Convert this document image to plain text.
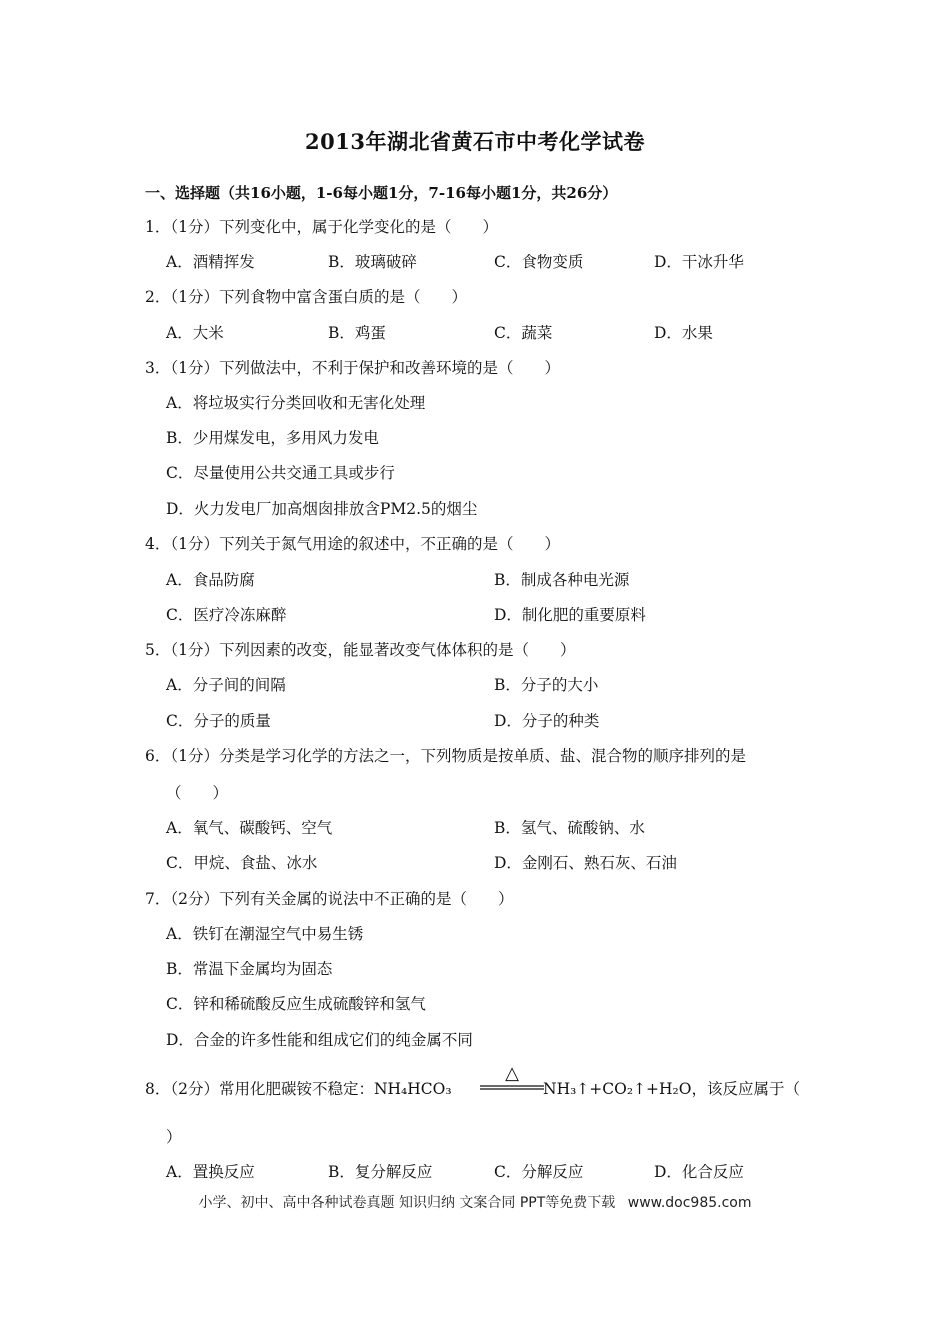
2013年湖北省黄石市中考化学试卷
一、选择题（共16小题，1-6每小题1分，7-16每小题1分，共26分）
1．（1分）下列变化中，属于化学变化的是（　　）
A．酒精挥发	B．玻璃破碎	C．食物变质	D．干冰升华
2．（1分）下列食物中富含蛋白质的是（　　）
A．大米	B．鸡蛋	C．蔬菜	D．水果
3．（1分）下列做法中，不利于保护和改善环境的是（　　）
A．将垃圾实行分类回收和无害化处理
B．少用煤发电，多用风力发电
C．尽量使用公共交通工具或步行
D．火力发电厂加高烟囱排放含PM2.5的烟尘
4．（1分）下列关于氮气用途的叙述中，不正确的是（　　）
A．食品防腐	B．制成各种电光源
C．医疗冷冻麻醉	D．制化肥的重要原料
5．（1分）下列因素的改变，能显著改变气体体积的是（　　）
A．分子间的间隔	B．分子的大小
C．分子的质量	D．分子的种类
6．（1分）分类是学习化学的方法之一，下列物质是按单质、盐、混合物的顺序排列的是
（　　）
A．氧气、碳酸钙、空气	B．氢气、硫酸钠、水
C．甲烷、食盐、冰水	D．金刚石、熟石灰、石油
7．（2分）下列有关金属的说法中不正确的是（　　）
A．铁钉在潮湿空气中易生锈
B．常温下金属均为固态
C．锌和稀硫酸反应生成硫酸锌和氢气
D．合金的许多性能和组成它们的纯金属不同
8．（2分）常用化肥碳铵不稳定：NH₄HCO₃
△
NH₃↑+CO₂↑+H₂O，该反应属于（
）
A．置换反应	B．复分解反应	C．分解反应	D．化合反应
小学、初中、高中各种试卷真题 知识归纳 文案合同 PPT等免费下载 www.doc985.com
